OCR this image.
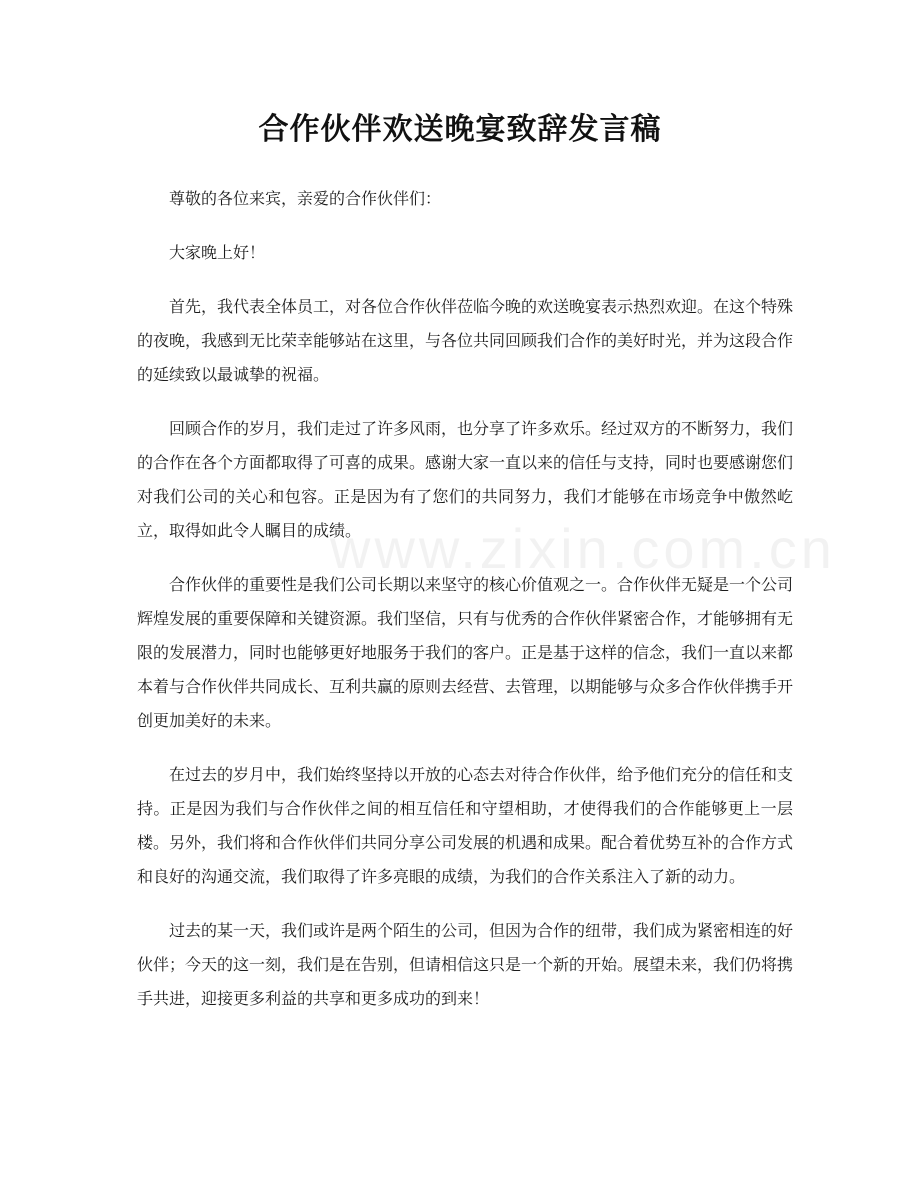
合作伙伴欢送晚宴致辞发言稿

尊敬的各位来宾，亲爱的合作伙伴们：

大家晚上好！

首先，我代表全体员工，对各位合作伙伴莅临今晚的欢送晚宴表示热烈欢迎。在这个特殊的夜晚，我感到无比荣幸能够站在这里，与各位共同回顾我们合作的美好时光，并为这段合作的延续致以最诚挚的祝福。

回顾合作的岁月，我们走过了许多风雨，也分享了许多欢乐。经过双方的不断努力，我们的合作在各个方面都取得了可喜的成果。感谢大家一直以来的信任与支持，同时也要感谢您们对我们公司的关心和包容。正是因为有了您们的共同努力，我们才能够在市场竞争中傲然屹立，取得如此令人瞩目的成绩。

合作伙伴的重要性是我们公司长期以来坚守的核心价值观之一。合作伙伴无疑是一个公司辉煌发展的重要保障和关键资源。我们坚信，只有与优秀的合作伙伴紧密合作，才能够拥有无限的发展潜力，同时也能够更好地服务于我们的客户。正是基于这样的信念，我们一直以来都本着与合作伙伴共同成长、互利共赢的原则去经营、去管理，以期能够与众多合作伙伴携手开创更加美好的未来。

在过去的岁月中，我们始终坚持以开放的心态去对待合作伙伴，给予他们充分的信任和支持。正是因为我们与合作伙伴之间的相互信任和守望相助，才使得我们的合作能够更上一层楼。另外，我们将和合作伙伴们共同分享公司发展的机遇和成果。配合着优势互补的合作方式和良好的沟通交流，我们取得了许多亮眼的成绩，为我们的合作关系注入了新的动力。

过去的某一天，我们或许是两个陌生的公司，但因为合作的纽带，我们成为紧密相连的好伙伴；今天的这一刻，我们是在告别，但请相信这只是一个新的开始。展望未来，我们仍将携手共进，迎接更多利益的共享和更多成功的到来！

www.zixin.com.cn
